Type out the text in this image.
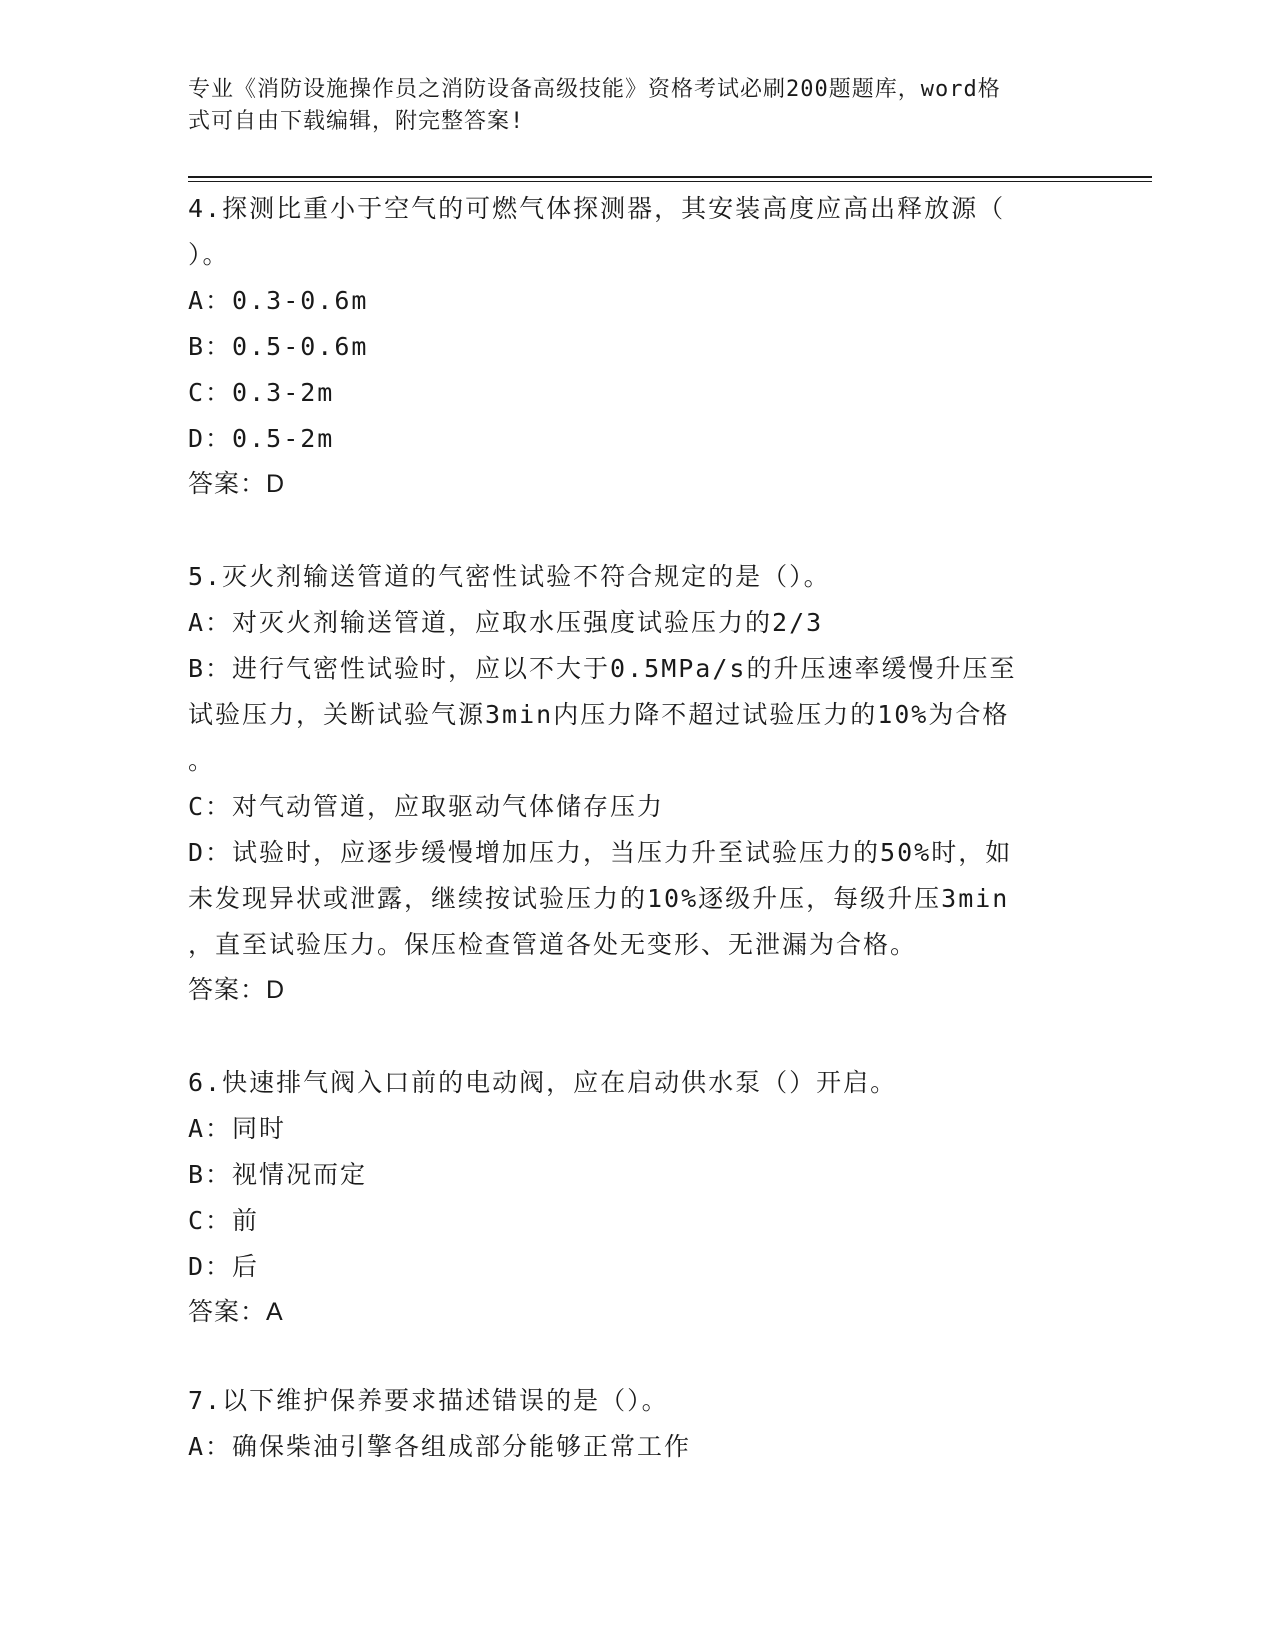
专业《消防设施操作员之消防设备高级技能》资格考试必刷200题题库，word格
式可自由下载编辑，附完整答案!
4.探测比重小于空气的可燃气体探测器，其安装高度应高出释放源（
）。
A：0.3-0.6m
B：0.5-0.6m
C：0.3-2m
D：0.5-2m
答案：D
5.灭火剂输送管道的气密性试验不符合规定的是（）。
A：对灭火剂输送管道，应取水压强度试验压力的2/3
B：进行气密性试验时，应以不大于0.5MPa/s的升压速率缓慢升压至
试验压力，关断试验气源3min内压力降不超过试验压力的10%为合格
。
C：对气动管道，应取驱动气体储存压力
D：试验时，应逐步缓慢增加压力，当压力升至试验压力的50%时，如
未发现异状或泄露，继续按试验压力的10%逐级升压，每级升压3min
，直至试验压力。保压检查管道各处无变形、无泄漏为合格。
答案：D
6.快速排气阀入口前的电动阀，应在启动供水泵（）开启。
A：同时
B：视情况而定
C：前
D：后
答案：A
7.以下维护保养要求描述错误的是（）。
A：确保柴油引擎各组成部分能够正常工作
